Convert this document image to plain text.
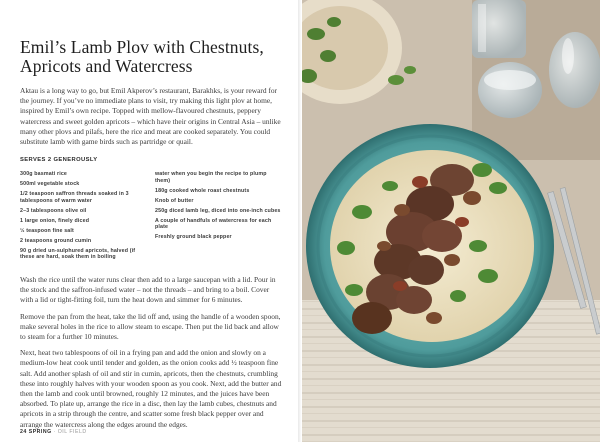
Emil’s Lamb Plov with Chestnuts,
Apricots and Watercress

Aktau is a long way to go, but Emil Akperov’s restaurant, Barakhks, is your reward for the journey. If you’ve no immediate plans to visit, try making this light plov at home, inspired by Emil’s own recipe. Topped with mellow-flavoured chestnuts, peppery watercress and sweet golden apricots – which have their origins in Central Asia – unlike many other plovs and pilafs, here the rice and meat are cooked separately. You could substitute lamb with game birds such as partridge or quail.

SERVES 2 GENEROUSLY
300g basmati rice
500ml vegetable stock
1/2 teaspoon saffron threads soaked in 3 tablespoons of warm water
2–3 tablespoons olive oil
1 large onion, finely diced
½ teaspoon fine salt
2 teaspoons ground cumin
90 g dried un-sulphured apricots, halved (if these are hard, soak them in boiling
water when you begin the recipe to plump them)
180g cooked whole roast chestnuts
Knob of butter
250g diced lamb leg, diced into one-inch cubes
A couple of handfuls of watercress for each plate
Freshly ground black pepper

Wash the rice until the water runs clear then add to a large saucepan with a lid. Pour in the stock and the saffron-infused water – not the threads – and bring to a boil. Cover with a lid or tight-fitting foil, turn the heat down and simmer for 6 minutes.

Remove the pan from the heat, take the lid off and, using the handle of a wooden spoon, make several holes in the rice to allow steam to escape. Then put the lid back and allow to steam for a further 10 minutes.

Next, heat two tablespoons of oil in a frying pan and add the onion and slowly on a medium-low heat cook until tender and golden, as the onion cooks add ½ teaspoon fine salt. Add another splash of oil and stir in cumin, apricots, then the chestnuts, crumbling these into roughly halves with your wooden spoon as you cook. Next, add the butter and then the lamb and cook until browned, roughly 12 minutes, and the juices have been absorbed. To plate up, arrange the rice in a disc, then lay the lamb cubes, chestnuts and apricots in a strip through the centre, and scatter some fresh black pepper over and arrange the watercress along the edges around the edges.

24 SPRING · OIL FIELD
